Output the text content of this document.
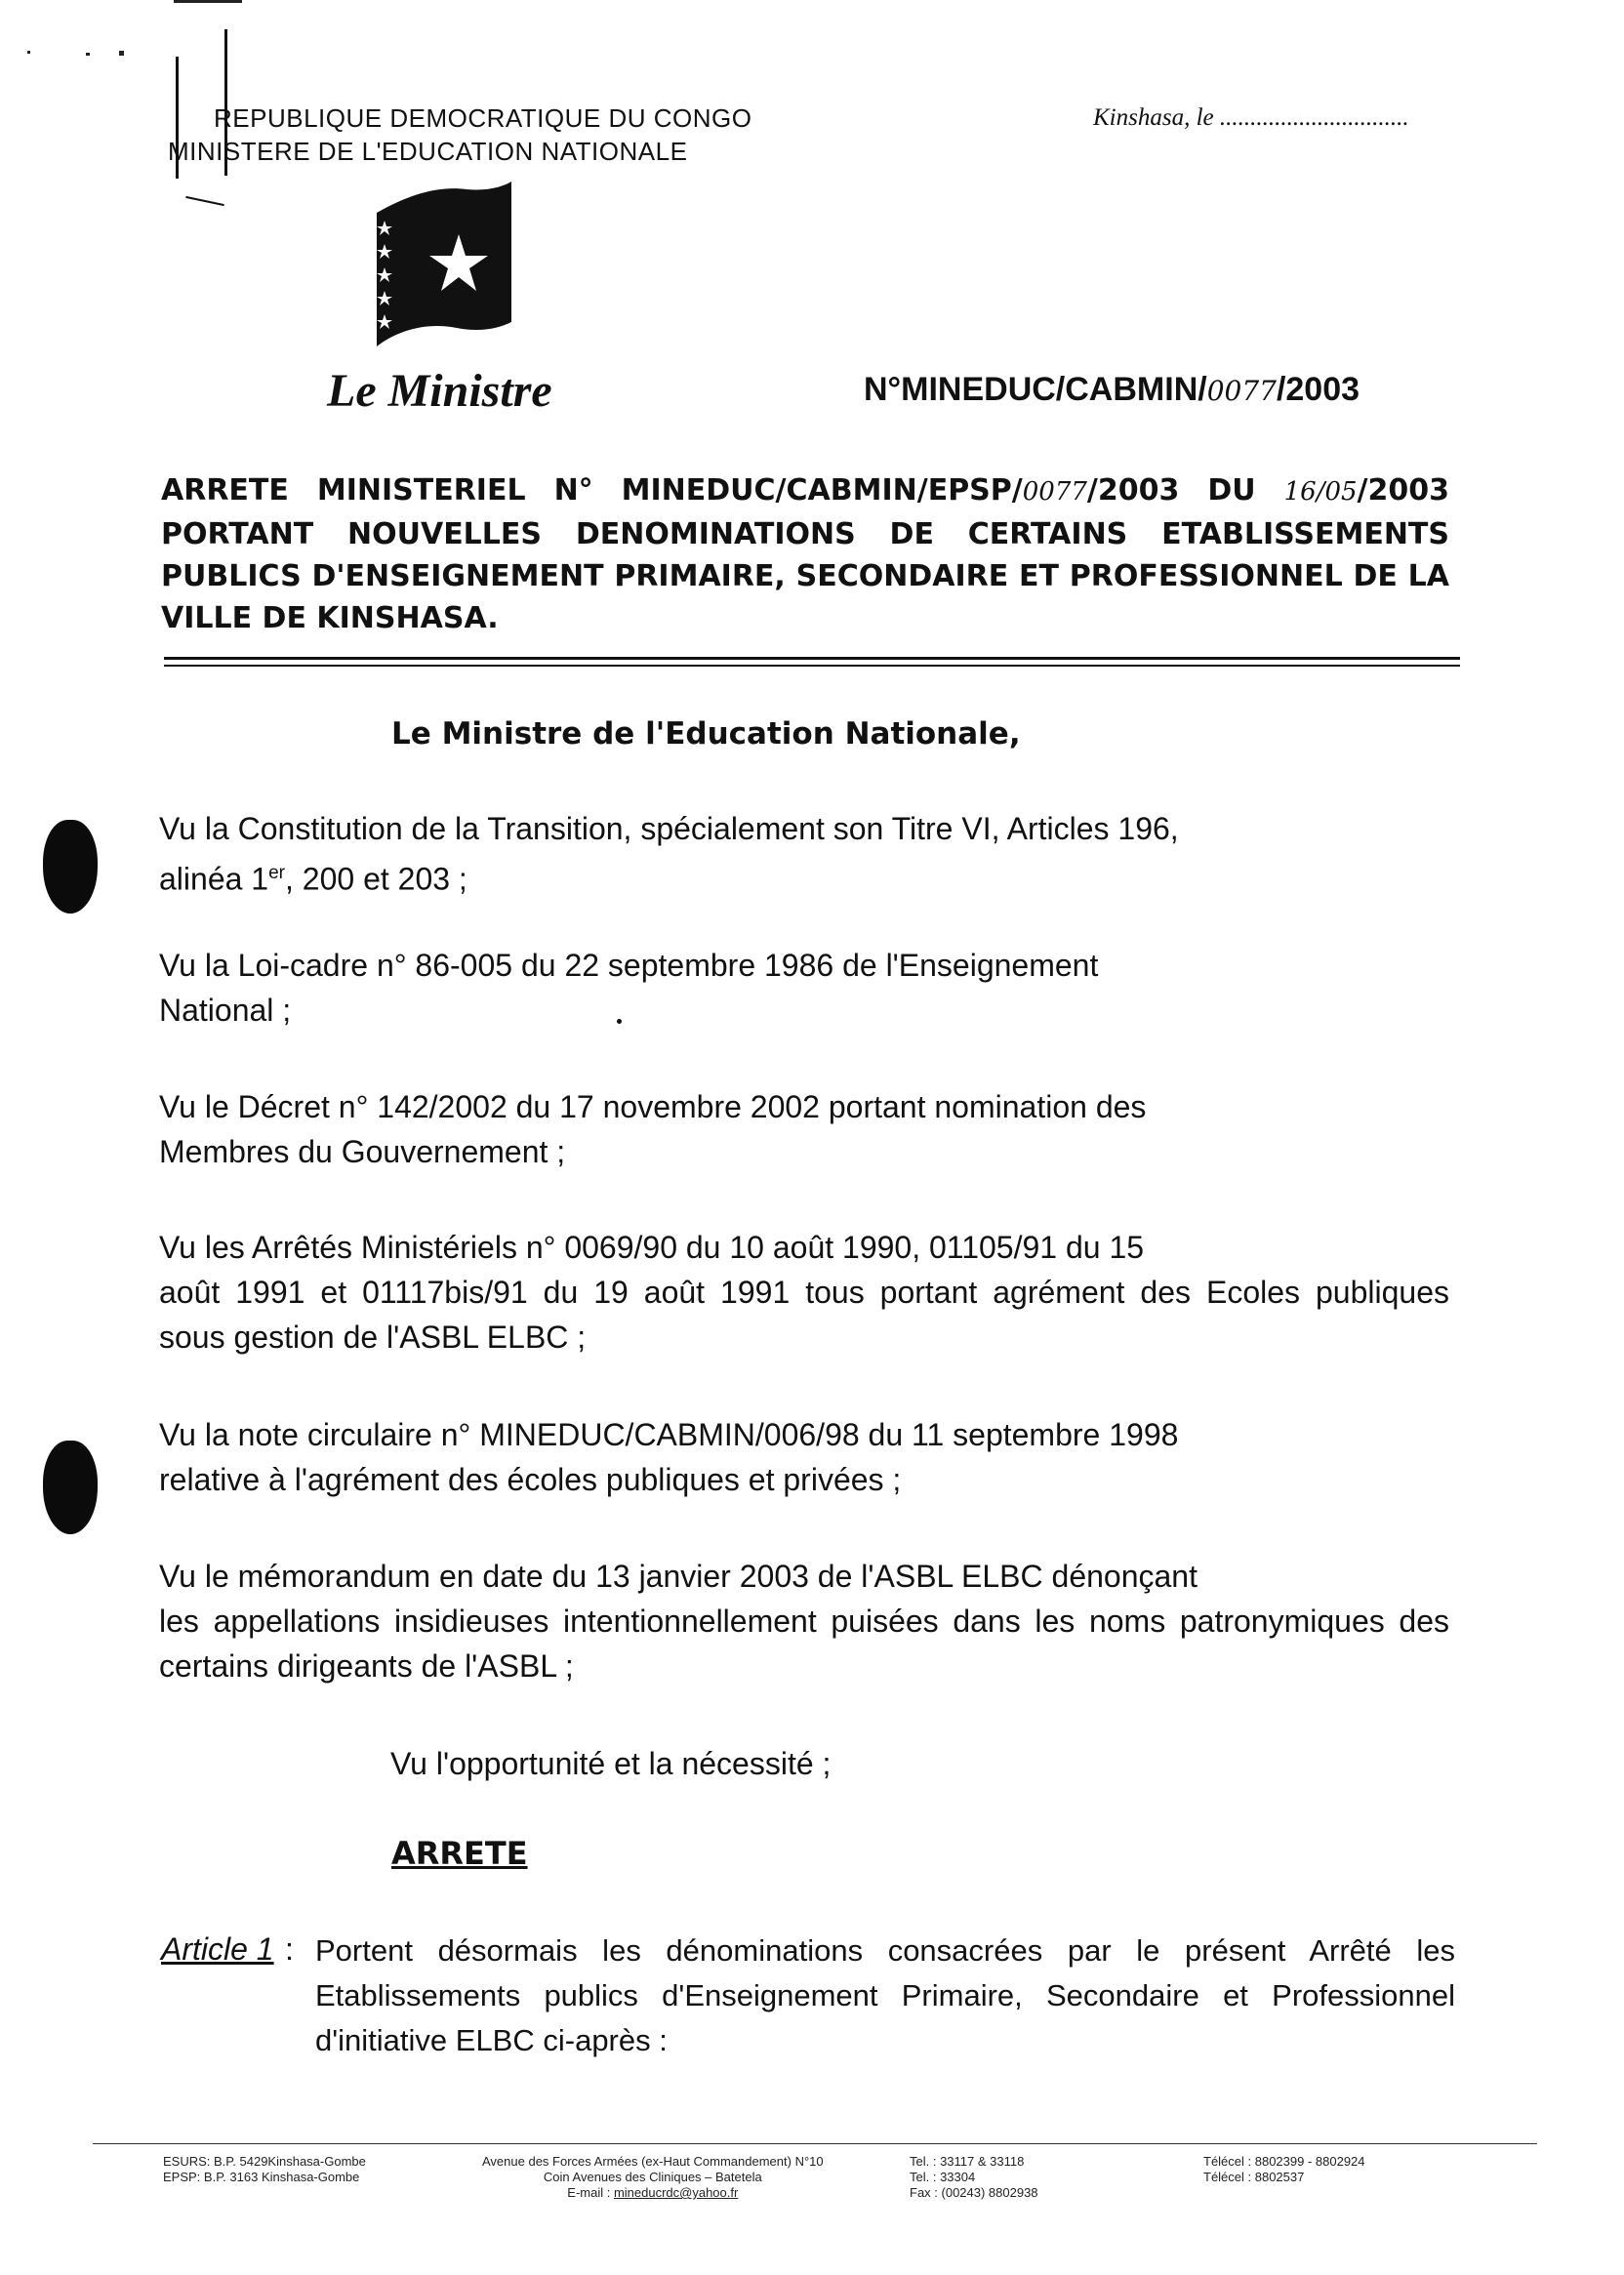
REPUBLIQUE DEMOCRATIQUE DU CONGO
MINISTERE DE L'EDUCATION NATIONALE
Kinshasa, le ...............................
Le Ministre	N°MINEDUC/CABMIN/0077/2003
ARRETE MINISTERIEL N° MINEDUC/CABMIN/EPSP/0077/2003 DU 16/05/2003 PORTANT NOUVELLES DENOMINATIONS DE CERTAINS ETABLISSEMENTS PUBLICS D'ENSEIGNEMENT PRIMAIRE, SECONDAIRE ET PROFESSIONNEL DE LA VILLE DE KINSHASA.
Le Ministre de l'Education Nationale,
Vu la Constitution de la Transition, spécialement son Titre VI, Articles 196,
alinéa 1er, 200 et 203 ;
Vu la Loi-cadre n° 86-005 du 22 septembre 1986 de l'Enseignement
National ;
Vu le Décret n° 142/2002 du 17 novembre 2002 portant nomination des
Membres du Gouvernement ;
Vu les Arrêtés Ministériels n° 0069/90 du 10 août 1990, 01105/91 du 15
août 1991 et 01117bis/91 du 19 août 1991 tous portant agrément des Ecoles publiques
sous gestion de l'ASBL ELBC ;
Vu la note circulaire n° MINEDUC/CABMIN/006/98 du 11 septembre 1998
relative à l'agrément des écoles publiques et privées ;
Vu le mémorandum en date du 13 janvier 2003 de l'ASBL ELBC dénonçant
les appellations insidieuses intentionnellement puisées dans les noms patronymiques des
certains dirigeants de l'ASBL ;
Vu l'opportunité et la nécessité ;
ARRETE
Article 1 : Portent désormais les dénominations consacrées par le présent Arrêté les Etablissements publics d'Enseignement Primaire, Secondaire et Professionnel d'initiative ELBC ci-après :
ESURS: B.P. 5429Kinshasa-Gombe
EPSP: B.P. 3163 Kinshasa-Gombe
Avenue des Forces Armées (ex-Haut Commandement) N°10
Coin Avenues des Cliniques – Batetela
E-mail : mineducrdc@yahoo.fr
Tel. : 33117 & 33118
Tel. : 33304
Fax : (00243) 8802938
Télécel : 8802399 - 8802924
Télécel : 8802537
